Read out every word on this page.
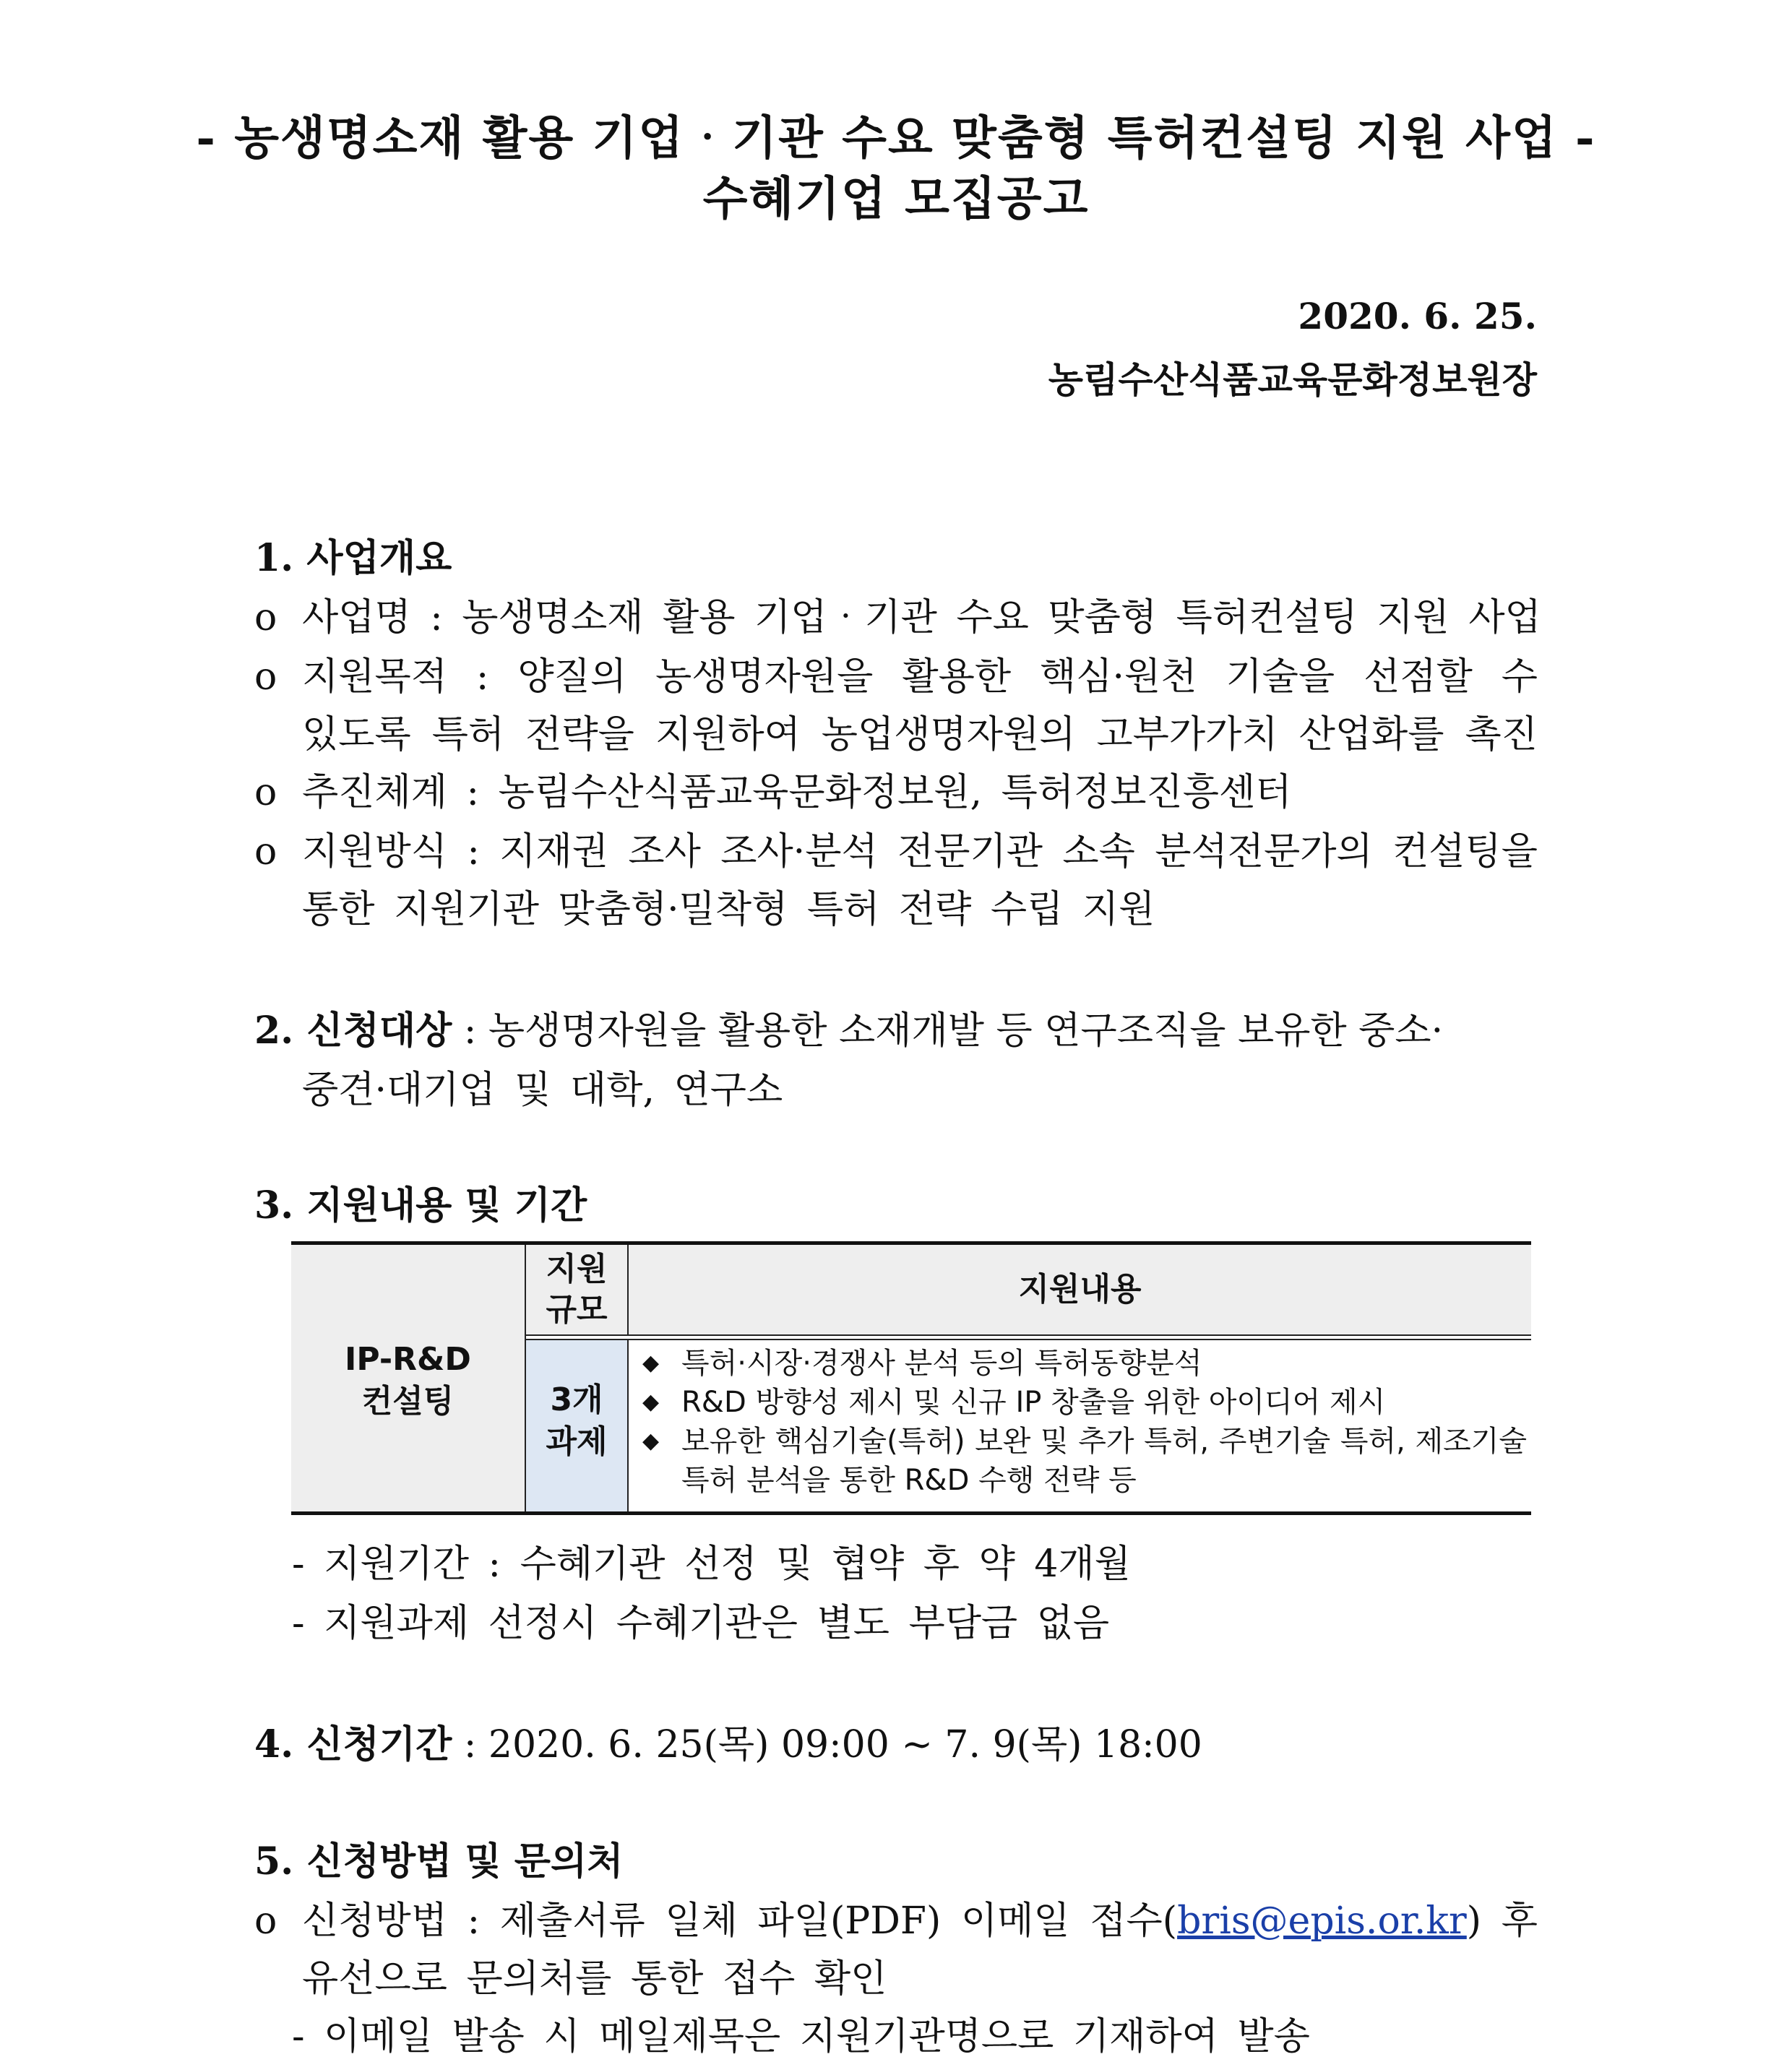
- 농생명소재 활용 기업‧기관 수요 맞춤형 특허컨설팅 지원 사업 -
수혜기업 모집공고
2020. 6. 25.
농림수산식품교육문화정보원장
1. 사업개요
o 사업명 : 농생명소재 활용 기업‧기관 수요 맞춤형 특허컨설팅 지원 사업
o 지원목적 : 양질의 농생명자원을 활용한 핵심·원천 기술을 선점할 수
있도록 특허 전략을 지원하여 농업생명자원의 고부가가치 산업화를 촉진
o 추진체계 : 농림수산식품교육문화정보원, 특허정보진흥센터
o 지원방식 : 지재권 조사 조사·분석 전문기관 소속 분석전문가의 컨설팅을
통한 지원기관 맞춤형·밀착형 특허 전략 수립 지원
2. 신청대상 : 농생명자원을 활용한 소재개발 등 연구조직을 보유한 중소·
중견·대기업 및 대학, 연구소
3. 지원내용 및 기간
IP-R&D
컨설팅
지원
규모
지원내용
3개
과제
◆ 특허·시장·경쟁사 분석 등의 특허동향분석
◆ R&D 방향성 제시 및 신규 IP 창출을 위한 아이디어 제시
◆ 보유한 핵심기술(특허) 보완 및 추가 특허, 주변기술 특허, 제조기술 특허 분석을 통한 R&D 수행 전략 등
- 지원기간 : 수혜기관 선정 및 협약 후 약 4개월
- 지원과제 선정시 수혜기관은 별도 부담금 없음
4. 신청기간 : 2020. 6. 25(목) 09:00 ~ 7. 9(목) 18:00
5. 신청방법 및 문의처
o 신청방법 : 제출서류 일체 파일(PDF) 이메일 접수(bris@epis.or.kr) 후
유선으로 문의처를 통한 접수 확인
- 이메일 발송 시 메일제목은 지원기관명으로 기재하여 발송
